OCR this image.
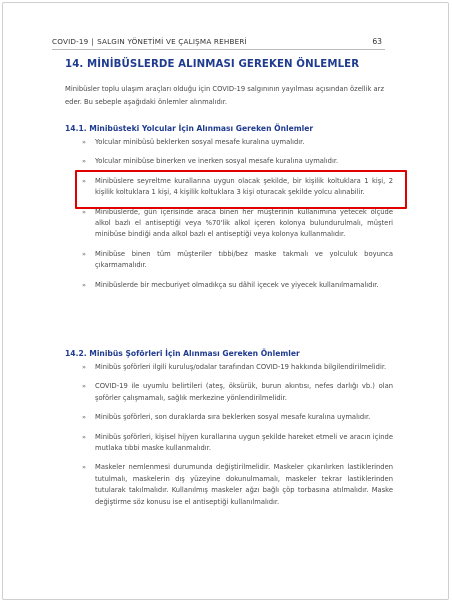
COVID-19 | SALGIN YÖNETİMİ VE ÇALIŞMA REHBERİ	63
14. MİNİBÜSLERDE ALINMASI GEREKEN ÖNLEMLER
Minibüsler toplu ulaşım araçları olduğu için COVID-19 salgınının yayılması açısından özellik arz eder. Bu sebeple aşağıdaki önlemler alınmalıdır.
14.1. Minibüsteki Yolcular İçin Alınması Gereken Önlemler
» Yolcular minibüsü beklerken sosyal mesafe kuralına uymalıdır.
» Yolcular minibüse binerken ve inerken sosyal mesafe kuralına uymalıdır.
» Minibüslere seyreltme kurallarına uygun olacak şekilde, bir kişilik koltuklara 1 kişi, 2 kişilik koltuklara 1 kişi, 4 kişilik koltuklara 3 kişi oturacak şekilde yolcu alınabilir.
» Minibüslerde, gün içerisinde araca binen her müşterinin kullanımına yetecek ölçüde alkol bazlı el antiseptiği veya %70'lik alkol içeren kolonya bulundurulmalı, müşteri minibüse bindiği anda alkol bazlı el antiseptiği veya kolonya kullanmalıdır.
» Minibüse binen tüm müşteriler tıbbi/bez maske takmalı ve yolculuk boyunca çıkarmamalıdır.
» Minibüslerde bir mecburiyet olmadıkça su dâhil içecek ve yiyecek kullanılmamalıdır.
14.2. Minibüs Şoförleri İçin Alınması Gereken Önlemler
» Minibüs şoförleri ilgili kuruluş/odalar tarafından COVID-19 hakkında bilgilendirilmelidir.
» COVID-19 ile uyumlu belirtileri (ateş, öksürük, burun akıntısı, nefes darlığı vb.) olan şoförler çalışmamalı, sağlık merkezine yönlendirilmelidir.
» Minibüs şoförleri, son duraklarda sıra beklerken sosyal mesafe kuralına uymalıdır.
» Minibüs şoförleri, kişisel hijyen kurallarına uygun şekilde hareket etmeli ve aracın içinde mutlaka tıbbi maske kullanmalıdır.
» Maskeler nemlenmesi durumunda değiştirilmelidir. Maskeler çıkarılırken lastiklerinden tutulmalı, maskelerin dış yüzeyine dokunulmamalı, maskeler tekrar lastiklerinden tutularak takılmalıdır. Kullanılmış maskeler ağzı bağlı çöp torbasına atılmalıdır. Maske değiştirme söz konusu ise el antiseptiği kullanılmalıdır.
